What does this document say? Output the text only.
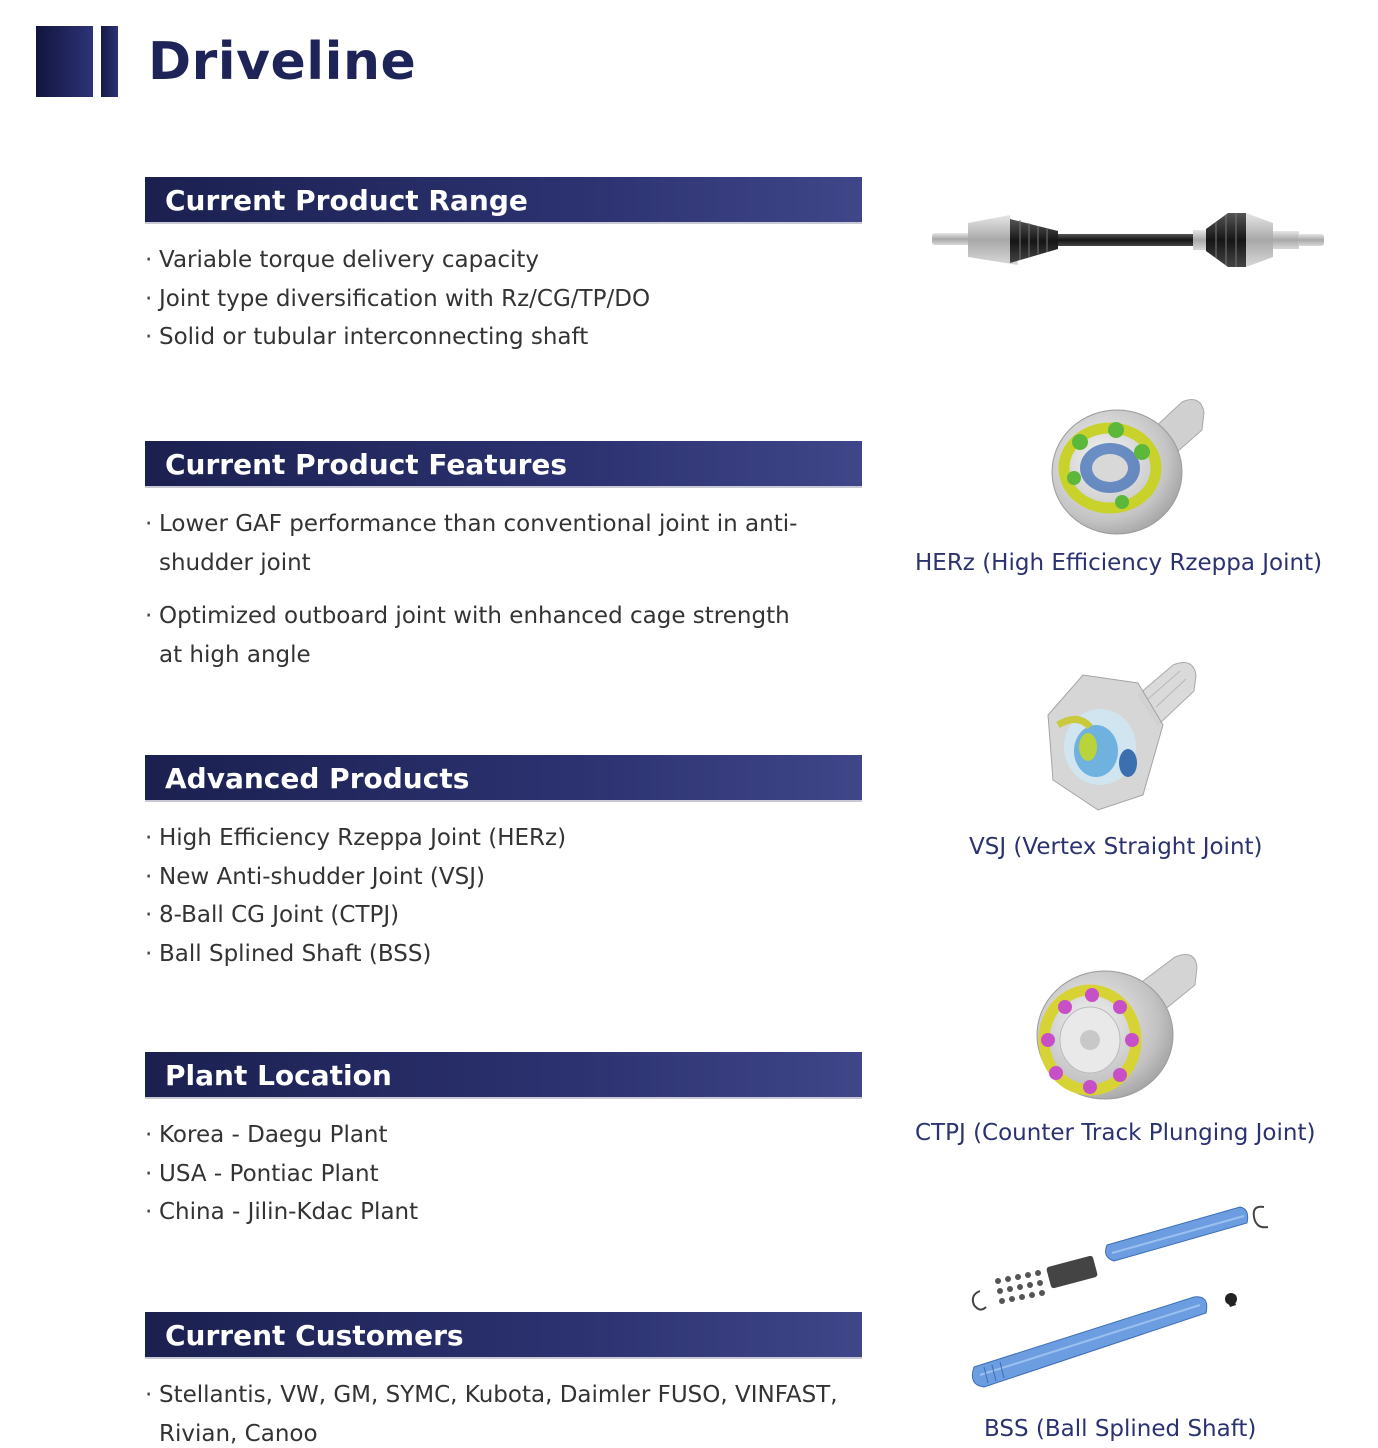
Driveline
Current Product Range
· Variable torque delivery capacity
· Joint type diversification with Rz/CG/TP/DO
· Solid or tubular interconnecting shaft
Current Product Features
· Lower GAF performance than conventional joint in anti-shudder joint
· Optimized outboard joint with enhanced cage strength at high angle
Advanced Products
· High Efficiency Rzeppa Joint (HERz)
· New Anti-shudder Joint (VSJ)
· 8-Ball CG Joint (CTPJ)
· Ball Splined Shaft (BSS)
Plant Location
· Korea - Daegu Plant
· USA - Pontiac Plant
· China - Jilin-Kdac Plant
Current Customers
· Stellantis, VW, GM, SYMC, Kubota, Daimler FUSO, VINFAST, Rivian, Canoo
HERz (High Efficiency Rzeppa Joint)
VSJ (Vertex Straight Joint)
CTPJ (Counter Track Plunging Joint)
BSS (Ball Splined Shaft)
